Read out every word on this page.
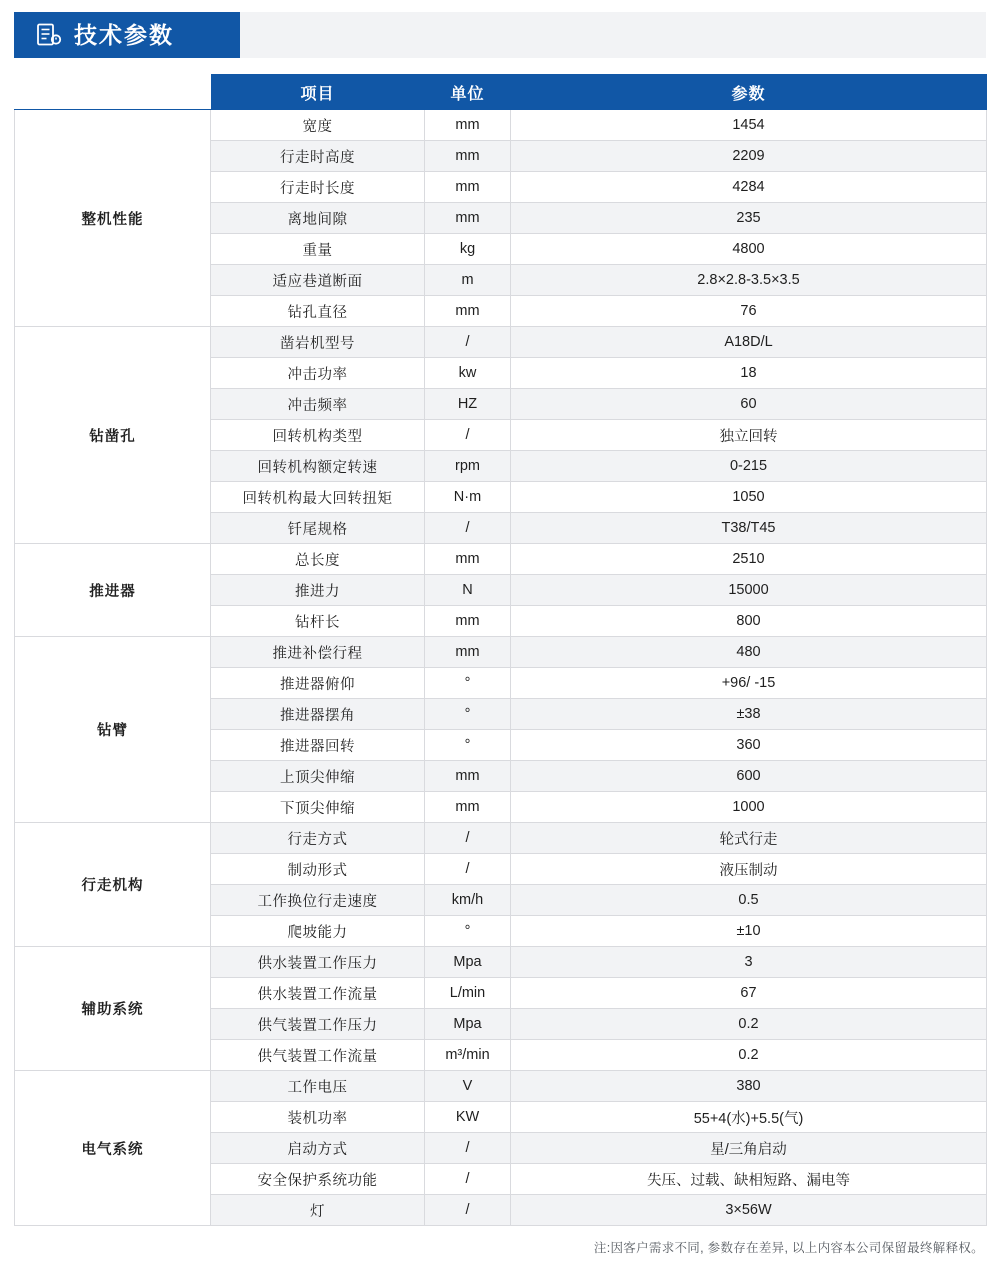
技术参数
	项目	单位	参数
整机性能	宽度	mm	1454
	行走时高度	mm	2209
	行走时长度	mm	4284
	离地间隙	mm	235
	重量	kg	4800
	适应巷道断面	m	2.8×2.8-3.5×3.5
	钻孔直径	mm	76
钻凿孔	凿岩机型号	/	A18D/L
	冲击功率	kw	18
	冲击频率	HZ	60
	回转机构类型	/	独立回转
	回转机构额定转速	rpm	0-215
	回转机构最大回转扭矩	N·m	1050
	钎尾规格	/	T38/T45
推进器	总长度	mm	2510
	推进力	N	15000
	钻杆长	mm	800
钻臂	推进补偿行程	mm	480
	推进器俯仰	°	+96/ -15
	推进器摆角	°	±38
	推进器回转	°	360
	上顶尖伸缩	mm	600
	下顶尖伸缩	mm	1000
行走机构	行走方式	/	轮式行走
	制动形式	/	液压制动
	工作换位行走速度	km/h	0.5
	爬坡能力	°	±10
辅助系统	供水装置工作压力	Mpa	3
	供水装置工作流量	L/min	67
	供气装置工作压力	Mpa	0.2
	供气装置工作流量	m³/min	0.2
电气系统	工作电压	V	380
	装机功率	KW	55+4(水)+5.5(气)
	启动方式	/	星/三角启动
	安全保护系统功能	/	失压、过载、缺相短路、漏电等
	灯	/	3×56W
注:因客户需求不同, 参数存在差异, 以上内容本公司保留最终解释权。
